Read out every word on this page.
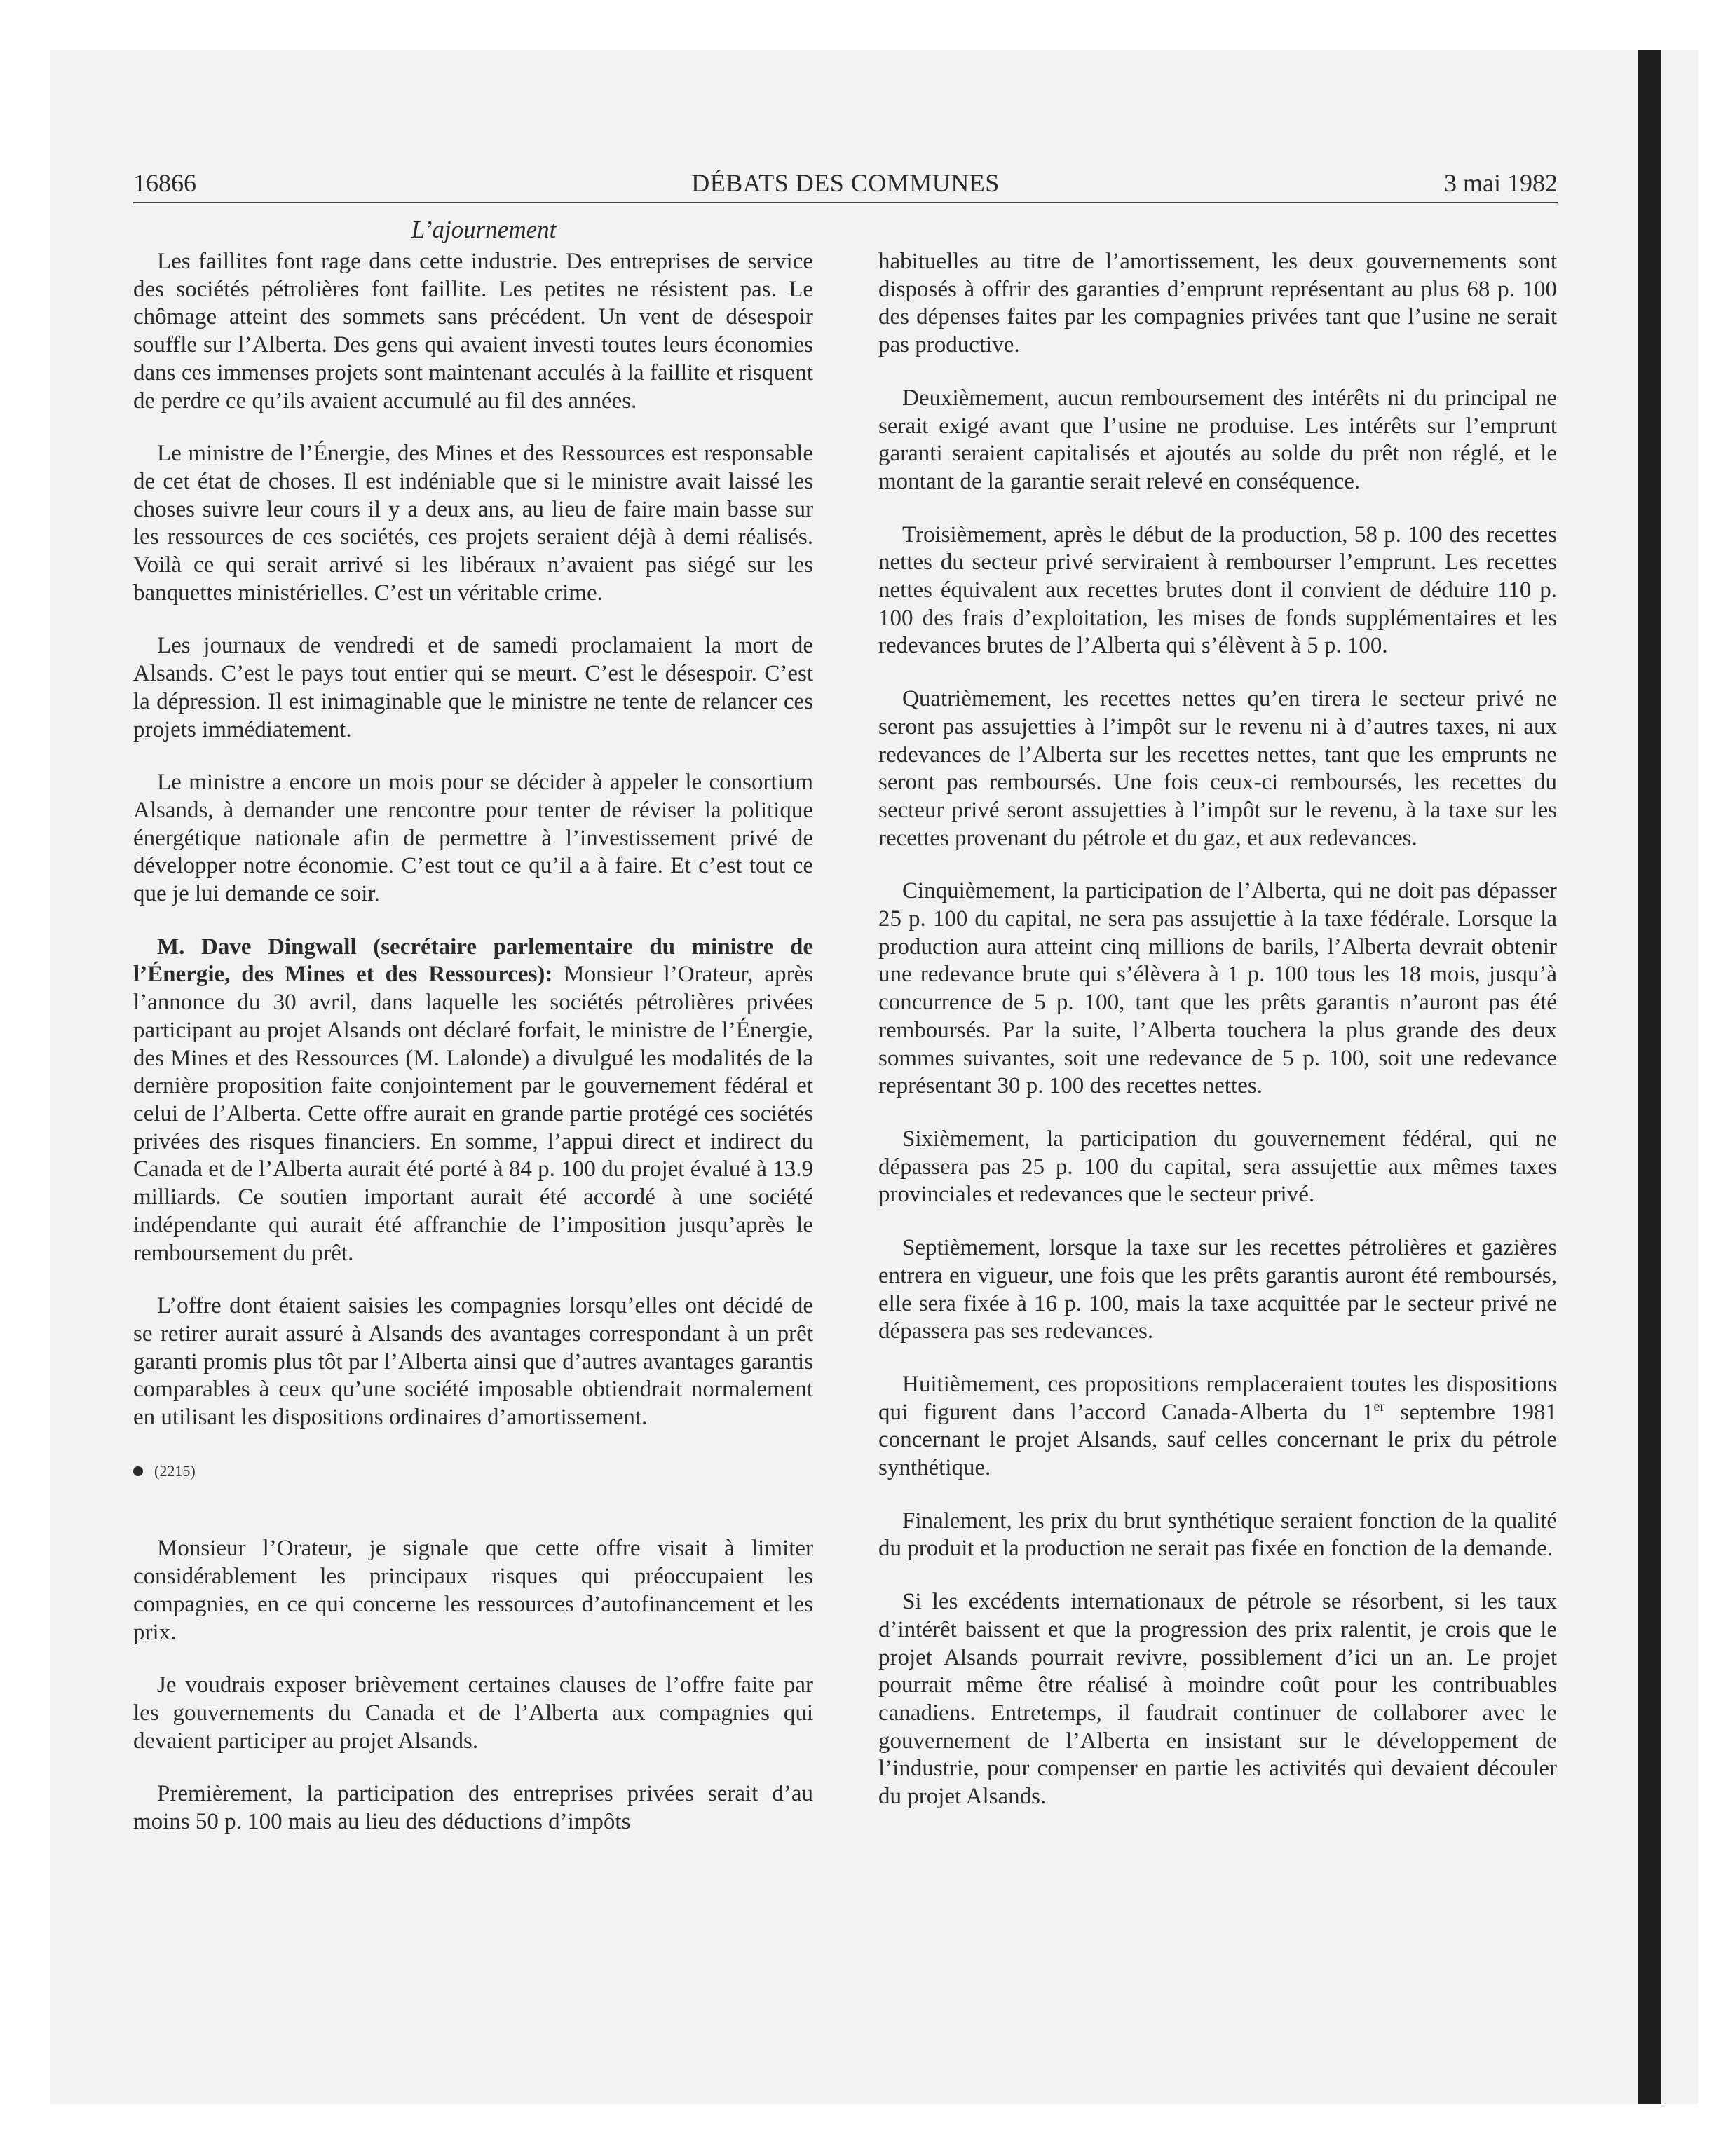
16866	DÉBATS DES COMMUNES	3 mai 1982
L’ajournement

Les faillites font rage dans cette industrie. Des entreprises de service des sociétés pétrolières font faillite. Les petites ne résistent pas. Le chômage atteint des sommets sans précédent. Un vent de désespoir souffle sur l’Alberta. Des gens qui avaient investi toutes leurs économies dans ces immenses projets sont maintenant acculés à la faillite et risquent de perdre ce qu’ils avaient accumulé au fil des années.

Le ministre de l’Énergie, des Mines et des Ressources est responsable de cet état de choses. Il est indéniable que si le ministre avait laissé les choses suivre leur cours il y a deux ans, au lieu de faire main basse sur les ressources de ces sociétés, ces projets seraient déjà à demi réalisés. Voilà ce qui serait arrivé si les libéraux n’avaient pas siégé sur les banquettes ministérielles. C’est un véritable crime.

Les journaux de vendredi et de samedi proclamaient la mort de Alsands. C’est le pays tout entier qui se meurt. C’est le désespoir. C’est la dépression. Il est inimaginable que le ministre ne tente de relancer ces projets immédiatement.

Le ministre a encore un mois pour se décider à appeler le consortium Alsands, à demander une rencontre pour tenter de réviser la politique énergétique nationale afin de permettre à l’investissement privé de développer notre économie. C’est tout ce qu’il a à faire. Et c’est tout ce que je lui demande ce soir.

M. Dave Dingwall (secrétaire parlementaire du ministre de l’Énergie, des Mines et des Ressources): Monsieur l’Orateur, après l’annonce du 30 avril, dans laquelle les sociétés pétrolières privées participant au projet Alsands ont déclaré forfait, le ministre de l’Énergie, des Mines et des Ressources (M. Lalonde) a divulgué les modalités de la dernière proposition faite conjointement par le gouvernement fédéral et celui de l’Alberta. Cette offre aurait en grande partie protégé ces sociétés privées des risques financiers. En somme, l’appui direct et indirect du Canada et de l’Alberta aurait été porté à 84 p. 100 du projet évalué à 13.9 milliards. Ce soutien important aurait été accordé à une société indépendante qui aurait été affranchie de l’imposition jusqu’après le remboursement du prêt.

L’offre dont étaient saisies les compagnies lorsqu’elles ont décidé de se retirer aurait assuré à Alsands des avantages correspondant à un prêt garanti promis plus tôt par l’Alberta ainsi que d’autres avantages garantis comparables à ceux qu’une société imposable obtiendrait normalement en utilisant les dispositions ordinaires d’amortissement.

(2215)

Monsieur l’Orateur, je signale que cette offre visait à limiter considérablement les principaux risques qui préoccupaient les compagnies, en ce qui concerne les ressources d’autofinancement et les prix.

Je voudrais exposer brièvement certaines clauses de l’offre faite par les gouvernements du Canada et de l’Alberta aux compagnies qui devaient participer au projet Alsands.

Premièrement, la participation des entreprises privées serait d’au moins 50 p. 100 mais au lieu des déductions d’impôts

habituelles au titre de l’amortissement, les deux gouvernements sont disposés à offrir des garanties d’emprunt représentant au plus 68 p. 100 des dépenses faites par les compagnies privées tant que l’usine ne serait pas productive.

Deuxièmement, aucun remboursement des intérêts ni du principal ne serait exigé avant que l’usine ne produise. Les intérêts sur l’emprunt garanti seraient capitalisés et ajoutés au solde du prêt non réglé, et le montant de la garantie serait relevé en conséquence.

Troisièmement, après le début de la production, 58 p. 100 des recettes nettes du secteur privé serviraient à rembourser l’emprunt. Les recettes nettes équivalent aux recettes brutes dont il convient de déduire 110 p. 100 des frais d’exploitation, les mises de fonds supplémentaires et les redevances brutes de l’Alberta qui s’élèvent à 5 p. 100.

Quatrièmement, les recettes nettes qu’en tirera le secteur privé ne seront pas assujetties à l’impôt sur le revenu ni à d’autres taxes, ni aux redevances de l’Alberta sur les recettes nettes, tant que les emprunts ne seront pas remboursés. Une fois ceux-ci remboursés, les recettes du secteur privé seront assujetties à l’impôt sur le revenu, à la taxe sur les recettes provenant du pétrole et du gaz, et aux redevances.

Cinquièmement, la participation de l’Alberta, qui ne doit pas dépasser 25 p. 100 du capital, ne sera pas assujettie à la taxe fédérale. Lorsque la production aura atteint cinq millions de barils, l’Alberta devrait obtenir une redevance brute qui s’élèvera à 1 p. 100 tous les 18 mois, jusqu’à concurrence de 5 p. 100, tant que les prêts garantis n’auront pas été remboursés. Par la suite, l’Alberta touchera la plus grande des deux sommes suivantes, soit une redevance de 5 p. 100, soit une redevance représentant 30 p. 100 des recettes nettes.

Sixièmement, la participation du gouvernement fédéral, qui ne dépassera pas 25 p. 100 du capital, sera assujettie aux mêmes taxes provinciales et redevances que le secteur privé.

Septièmement, lorsque la taxe sur les recettes pétrolières et gazières entrera en vigueur, une fois que les prêts garantis auront été remboursés, elle sera fixée à 16 p. 100, mais la taxe acquittée par le secteur privé ne dépassera pas ses redevances.

Huitièmement, ces propositions remplaceraient toutes les dispositions qui figurent dans l’accord Canada-Alberta du 1er septembre 1981 concernant le projet Alsands, sauf celles concernant le prix du pétrole synthétique.

Finalement, les prix du brut synthétique seraient fonction de la qualité du produit et la production ne serait pas fixée en fonction de la demande.

Si les excédents internationaux de pétrole se résorbent, si les taux d’intérêt baissent et que la progression des prix ralentit, je crois que le projet Alsands pourrait revivre, possiblement d’ici un an. Le projet pourrait même être réalisé à moindre coût pour les contribuables canadiens. Entretemps, il faudrait continuer de collaborer avec le gouvernement de l’Alberta en insistant sur le développement de l’industrie, pour compenser en partie les activités qui devaient découler du projet Alsands.
